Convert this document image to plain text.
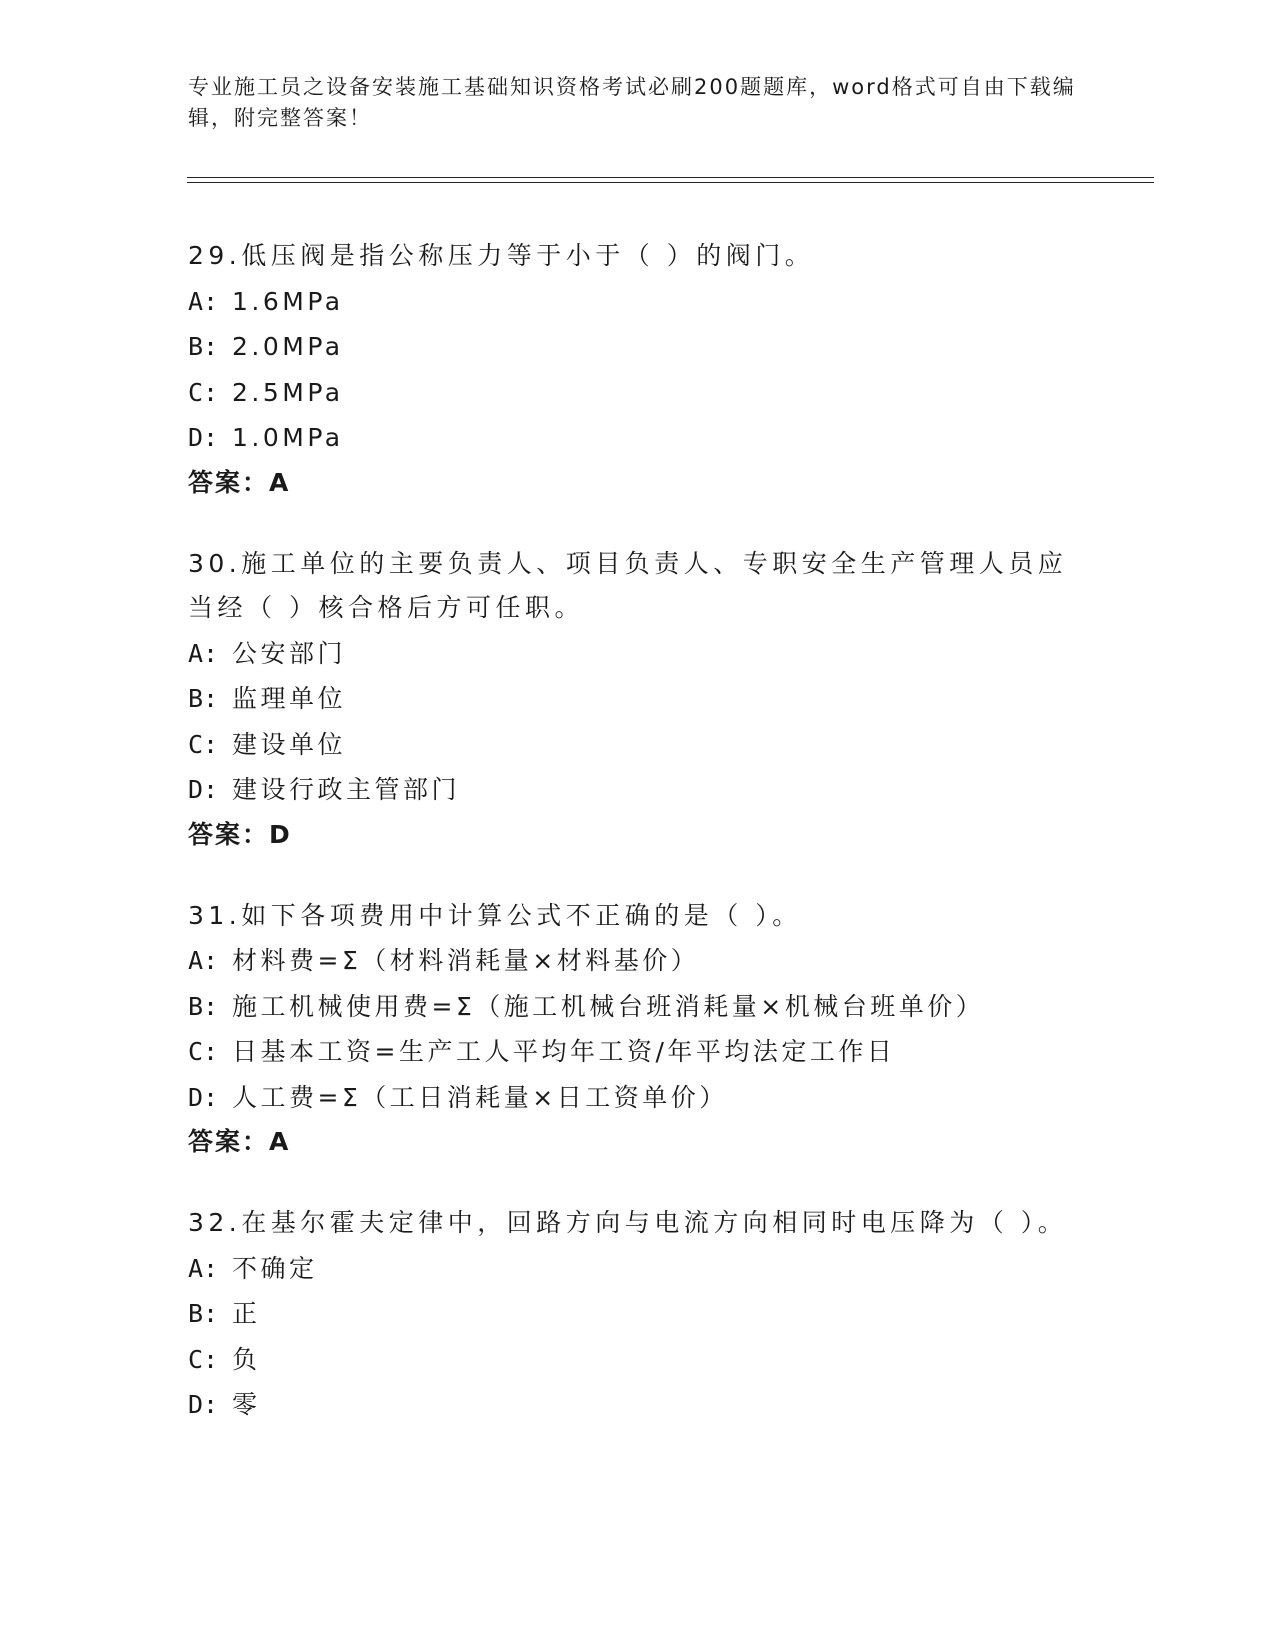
专业施工员之设备安装施工基础知识资格考试必刷200题题库，word格式可自由下载编辑，附完整答案！

29.低压阀是指公称压力等于小于（ ）的阀门。

A: 1.6MPa
B: 2.0MPa
C: 2.5MPa
D: 1.0MPa

答案：A

30.施工单位的主要负责人、项目负责人、专职安全生产管理人员应当经（ ）核合格后方可任职。

A: 公安部门
B: 监理单位
C: 建设单位
D: 建设行政主管部门

答案：D

31.如下各项费用中计算公式不正确的是（ ）。

A: 材料费=Σ（材料消耗量×材料基价）
B: 施工机械使用费=Σ（施工机械台班消耗量×机械台班单价）
C: 日基本工资=生产工人平均年工资/年平均法定工作日
D: 人工费=Σ（工日消耗量×日工资单价）

答案：A

32.在基尔霍夫定律中，回路方向与电流方向相同时电压降为（ ）。

A: 不确定
B: 正
C: 负
D: 零
